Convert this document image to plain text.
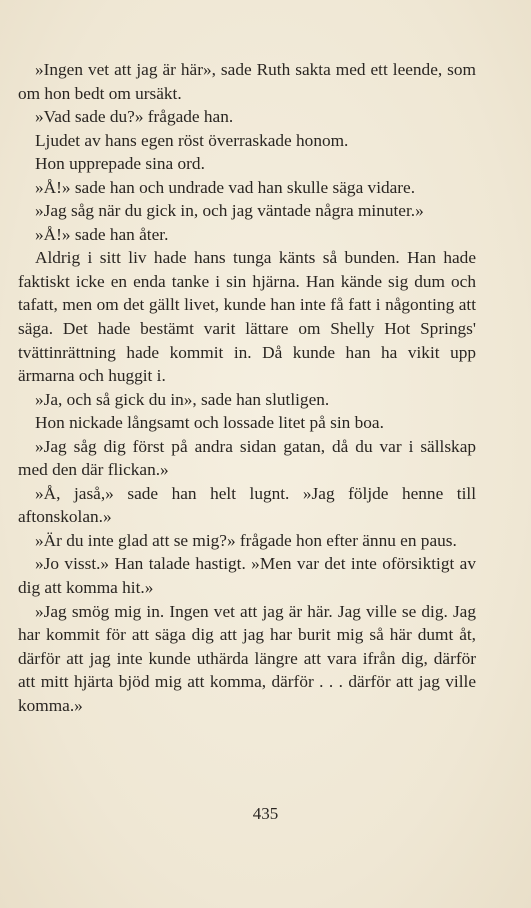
»Ingen vet att jag är här», sade Ruth sakta med ett leende, som om hon bedt om ursäkt.

»Vad sade du?» frågade han.

Ljudet av hans egen röst överraskade honom.

Hon upprepade sina ord.

»Å!» sade han och undrade vad han skulle säga vidare.

»Jag såg när du gick in, och jag väntade några minuter.»

»Å!» sade han åter.

Aldrig i sitt liv hade hans tunga känts så bunden. Han hade faktiskt icke en enda tanke i sin hjärna. Han kände sig dum och tafatt, men om det gällt livet, kunde han inte få fatt i någonting att säga. Det hade bestämt varit lättare om Shelly Hot Springs' tvättinrättning hade kommit in. Då kunde han ha vikit upp ärmarna och huggit i.

»Ja, och så gick du in», sade han slutligen.

Hon nickade långsamt och lossade litet på sin boa.

»Jag såg dig först på andra sidan gatan, då du var i sällskap med den där flickan.»

»Å, jaså,» sade han helt lugnt. »Jag följde henne till aftonskolan.»

»Är du inte glad att se mig?» frågade hon efter ännu en paus.

»Jo visst.» Han talade hastigt. »Men var det inte oförsiktigt av dig att komma hit.»

»Jag smög mig in. Ingen vet att jag är här. Jag ville se dig. Jag har kommit för att säga dig att jag har burit mig så här dumt åt, därför att jag inte kunde uthärda längre att vara ifrån dig, därför att mitt hjärta bjöd mig att komma, därför . . . därför att jag ville komma.»

435
